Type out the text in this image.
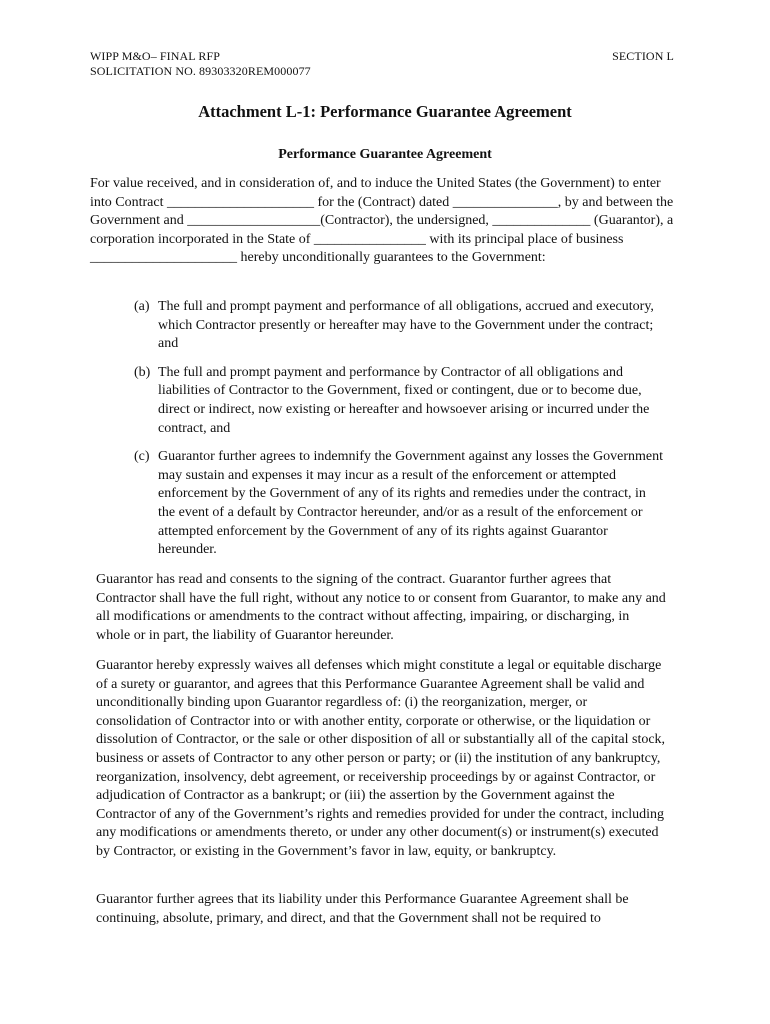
WIPP M&O– FINAL RFP
SOLICITATION NO. 89303320REM000077
SECTION L
Attachment L-1: Performance Guarantee Agreement
Performance Guarantee Agreement

For value received, and in consideration of, and to induce the United States (the Government) to enter into Contract _____________________ for the (Contract) dated _______________, by and between the Government and ___________________(Contractor), the undersigned, ______________ (Guarantor), a corporation incorporated in the State of ________________ with its principal place of business _____________________ hereby unconditionally guarantees to the Government:

(a) The full and prompt payment and performance of all obligations, accrued and executory, which Contractor presently or hereafter may have to the Government under the contract; and
(b) The full and prompt payment and performance by Contractor of all obligations and liabilities of Contractor to the Government, fixed or contingent, due or to become due, direct or indirect, now existing or hereafter and howsoever arising or incurred under the contract, and
(c) Guarantor further agrees to indemnify the Government against any losses the Government may sustain and expenses it may incur as a result of the enforcement or attempted enforcement by the Government of any of its rights and remedies under the contract, in the event of a default by Contractor hereunder, and/or as a result of the enforcement or attempted enforcement by the Government of any of its rights against Guarantor hereunder.

Guarantor has read and consents to the signing of the contract. Guarantor further agrees that Contractor shall have the full right, without any notice to or consent from Guarantor, to make any and all modifications or amendments to the contract without affecting, impairing, or discharging, in whole or in part, the liability of Guarantor hereunder.

Guarantor hereby expressly waives all defenses which might constitute a legal or equitable discharge of a surety or guarantor, and agrees that this Performance Guarantee Agreement shall be valid and unconditionally binding upon Guarantor regardless of: (i) the reorganization, merger, or consolidation of Contractor into or with another entity, corporate or otherwise, or the liquidation or dissolution of Contractor, or the sale or other disposition of all or substantially all of the capital stock, business or assets of Contractor to any other person or party; or (ii) the institution of any bankruptcy, reorganization, insolvency, debt agreement, or receivership proceedings by or against Contractor, or adjudication of Contractor as a bankrupt; or (iii) the assertion by the Government against the Contractor of any of the Government’s rights and remedies provided for under the contract, including any modifications or amendments thereto, or under any other document(s) or instrument(s) executed by Contractor, or existing in the Government’s favor in law, equity, or bankruptcy.

Guarantor further agrees that its liability under this Performance Guarantee Agreement shall be continuing, absolute, primary, and direct, and that the Government shall not be required to
